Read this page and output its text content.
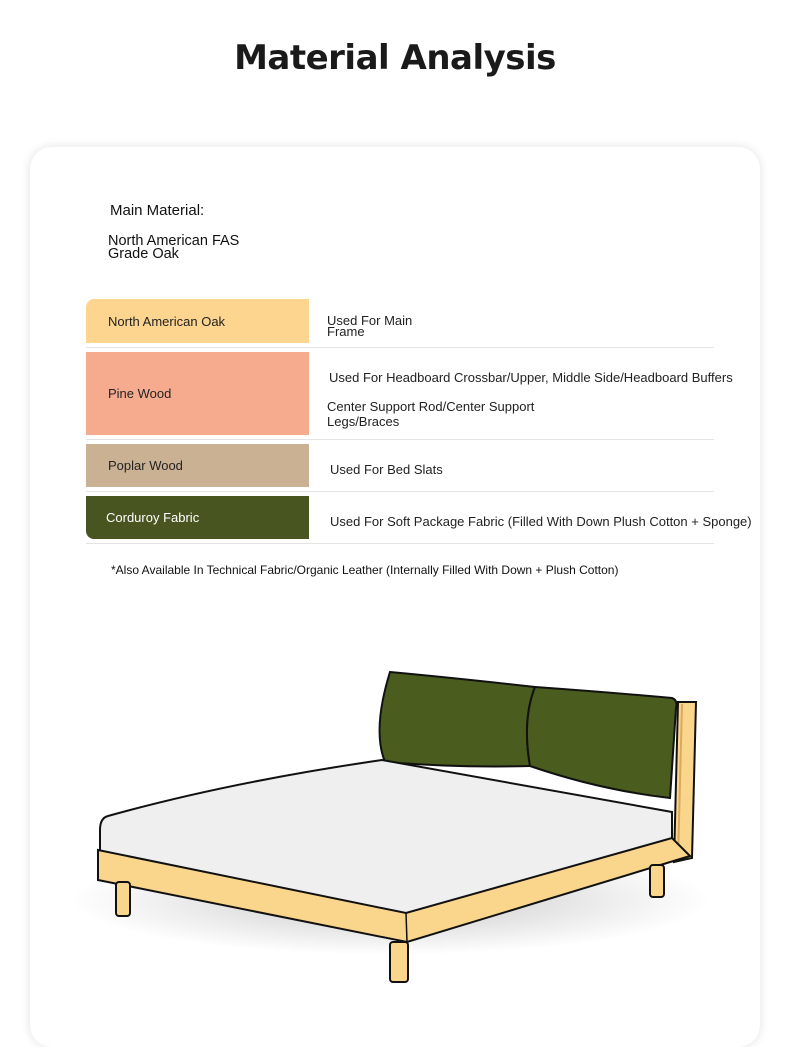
Material Analysis
Main Material:
North American FAS
Grade Oak
North American Oak	Used For Main
Frame
Pine Wood
Used For Headboard Crossbar/Upper, Middle Side/Headboard Buffers
Center Support Rod/Center Support
Legs/Braces
Poplar Wood	Used For Bed Slats
Corduroy Fabric	Used For Soft Package Fabric (Filled With Down Plush Cotton + Sponge)
*Also Available In Technical Fabric/Organic Leather (Internally Filled With Down + Plush Cotton)
